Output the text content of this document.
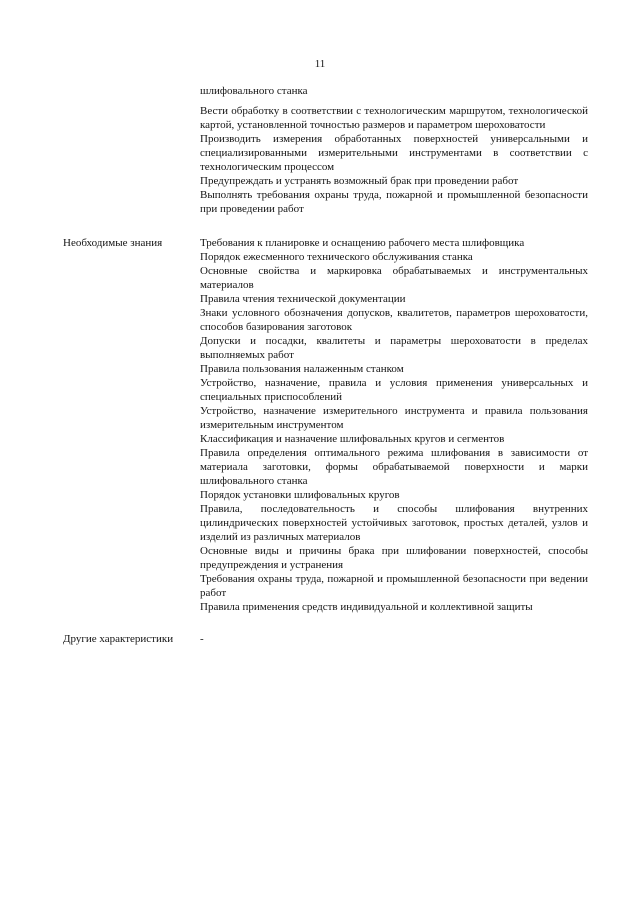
11
шлифовального станка
Вести обработку в соответствии с технологическим маршрутом, технологической картой, установленной точностью размеров и параметром шероховатости
Производить измерения обработанных поверхностей универсальными и специализированными измерительными инструментами в соответствии с технологическим процессом
Предупреждать и устранять возможный брак при проведении работ
Выполнять требования охраны труда, пожарной и промышленной безопасности при проведении работ
Необходимые знания	Требования к планировке и оснащению рабочего места шлифовщика
Порядок ежесменного технического обслуживания станка
Основные свойства и маркировка обрабатываемых и инструментальных материалов
Правила чтения технической документации
Знаки условного обозначения допусков, квалитетов, параметров шероховатости, способов базирования заготовок
Допуски и посадки, квалитеты и параметры шероховатости в пределах выполняемых работ
Правила пользования налаженным станком
Устройство, назначение, правила и условия применения универсальных и специальных приспособлений
Устройство, назначение измерительного инструмента и правила пользования измерительным инструментом
Классификация и назначение шлифовальных кругов и сегментов
Правила определения оптимального режима шлифования в зависимости от материала заготовки, формы обрабатываемой поверхности и марки шлифовального станка
Порядок установки шлифовальных кругов
Правила, последовательность и способы шлифования внутренних цилиндрических поверхностей устойчивых заготовок, простых деталей, узлов и изделий из различных материалов
Основные виды и причины брака при шлифовании поверхностей, способы предупреждения и устранения
Требования охраны труда, пожарной и промышленной безопасности при ведении работ
Правила применения средств индивидуальной и коллективной защиты
Другие характеристики	-
